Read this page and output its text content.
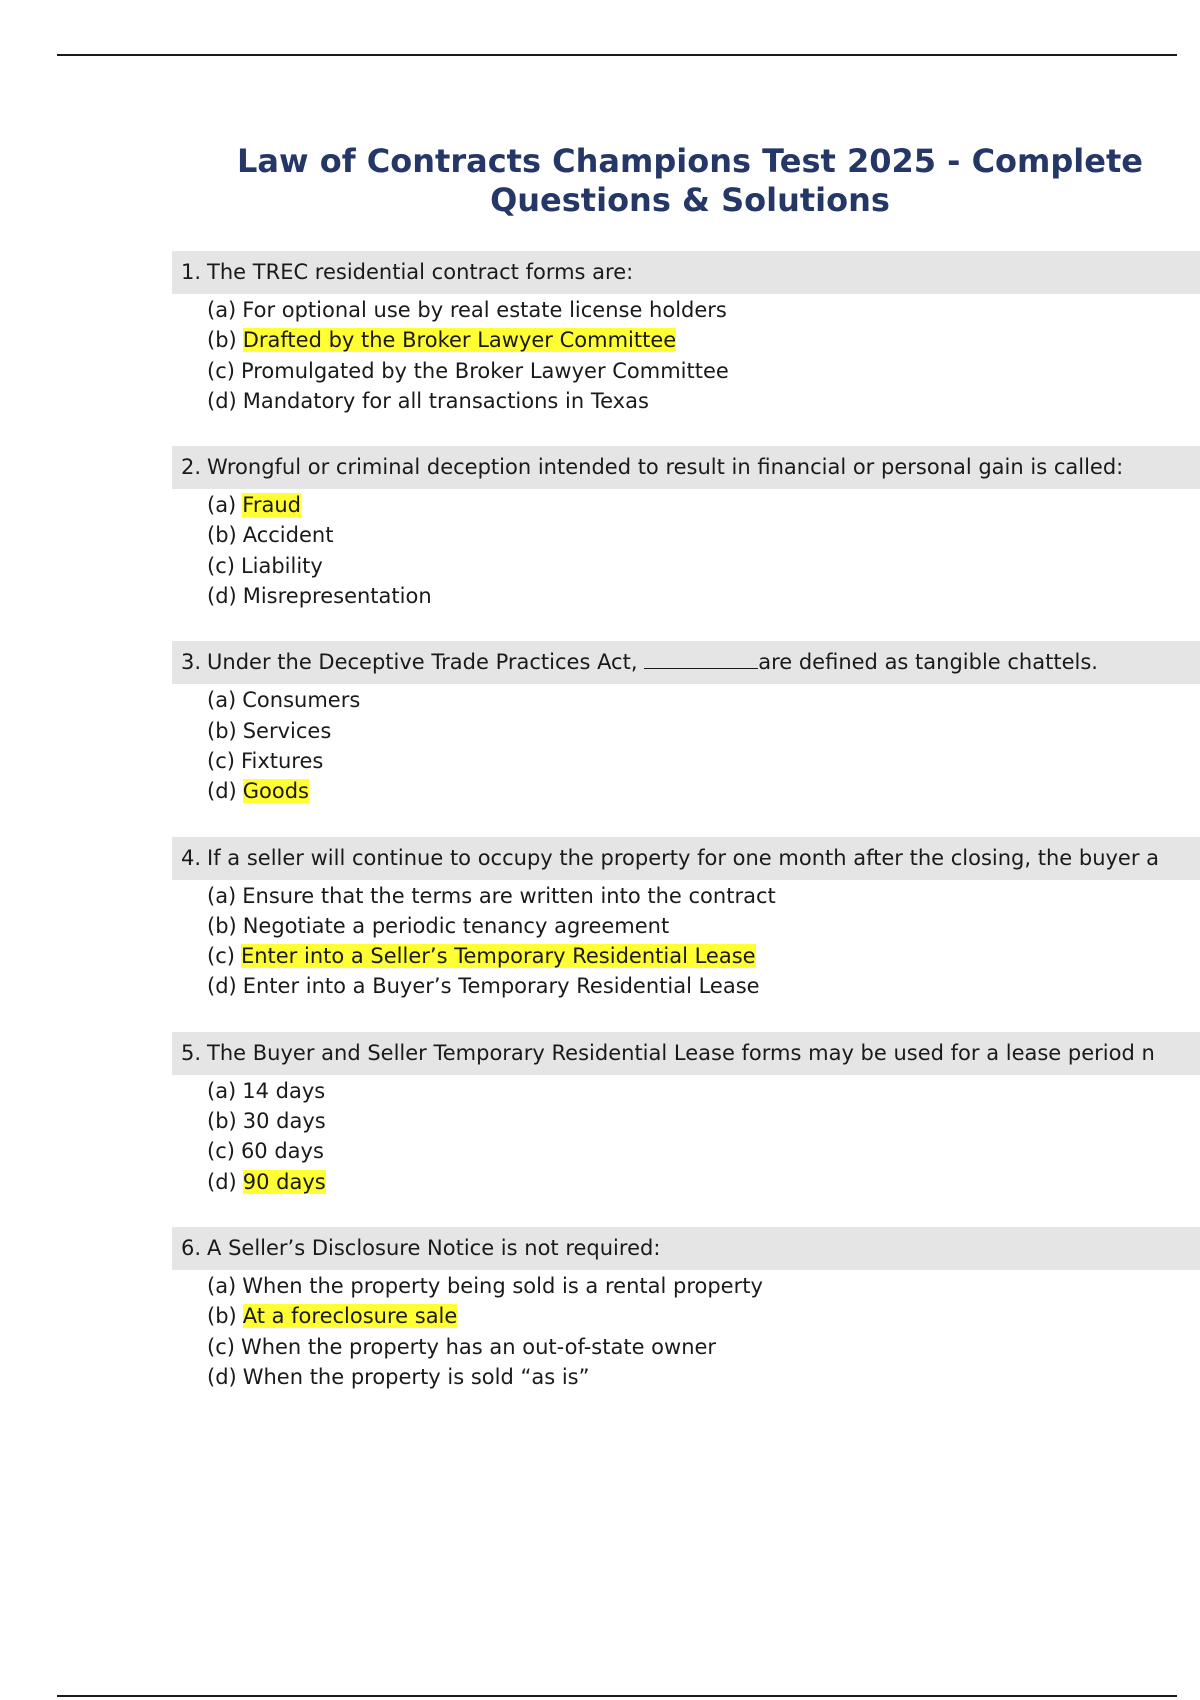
Law of Contracts Champions Test 2025 - Complete
Questions & Solutions
1. The TREC residential contract forms are:
(a) For optional use by real estate license holders
(b) Drafted by the Broker Lawyer Committee
(c) Promulgated by the Broker Lawyer Committee
(d) Mandatory for all transactions in Texas
2. Wrongful or criminal deception intended to result in financial or personal gain is called:
(a) Fraud
(b) Accident
(c) Liability
(d) Misrepresentation
3. Under the Deceptive Trade Practices Act,	are defined as tangible chattels.
(a) Consumers
(b) Services
(c) Fixtures
(d) Goods
4. If a seller will continue to occupy the property for one month after the closing, the buyer a
(a) Ensure that the terms are written into the contract
(b) Negotiate a periodic tenancy agreement
(c) Enter into a Seller’s Temporary Residential Lease
(d) Enter into a Buyer’s Temporary Residential Lease
5. The Buyer and Seller Temporary Residential Lease forms may be used for a lease period n
(a) 14 days
(b) 30 days
(c) 60 days
(d) 90 days
6. A Seller’s Disclosure Notice is not required:
(a) When the property being sold is a rental property
(b) At a foreclosure sale
(c) When the property has an out-of-state owner
(d) When the property is sold “as is”
